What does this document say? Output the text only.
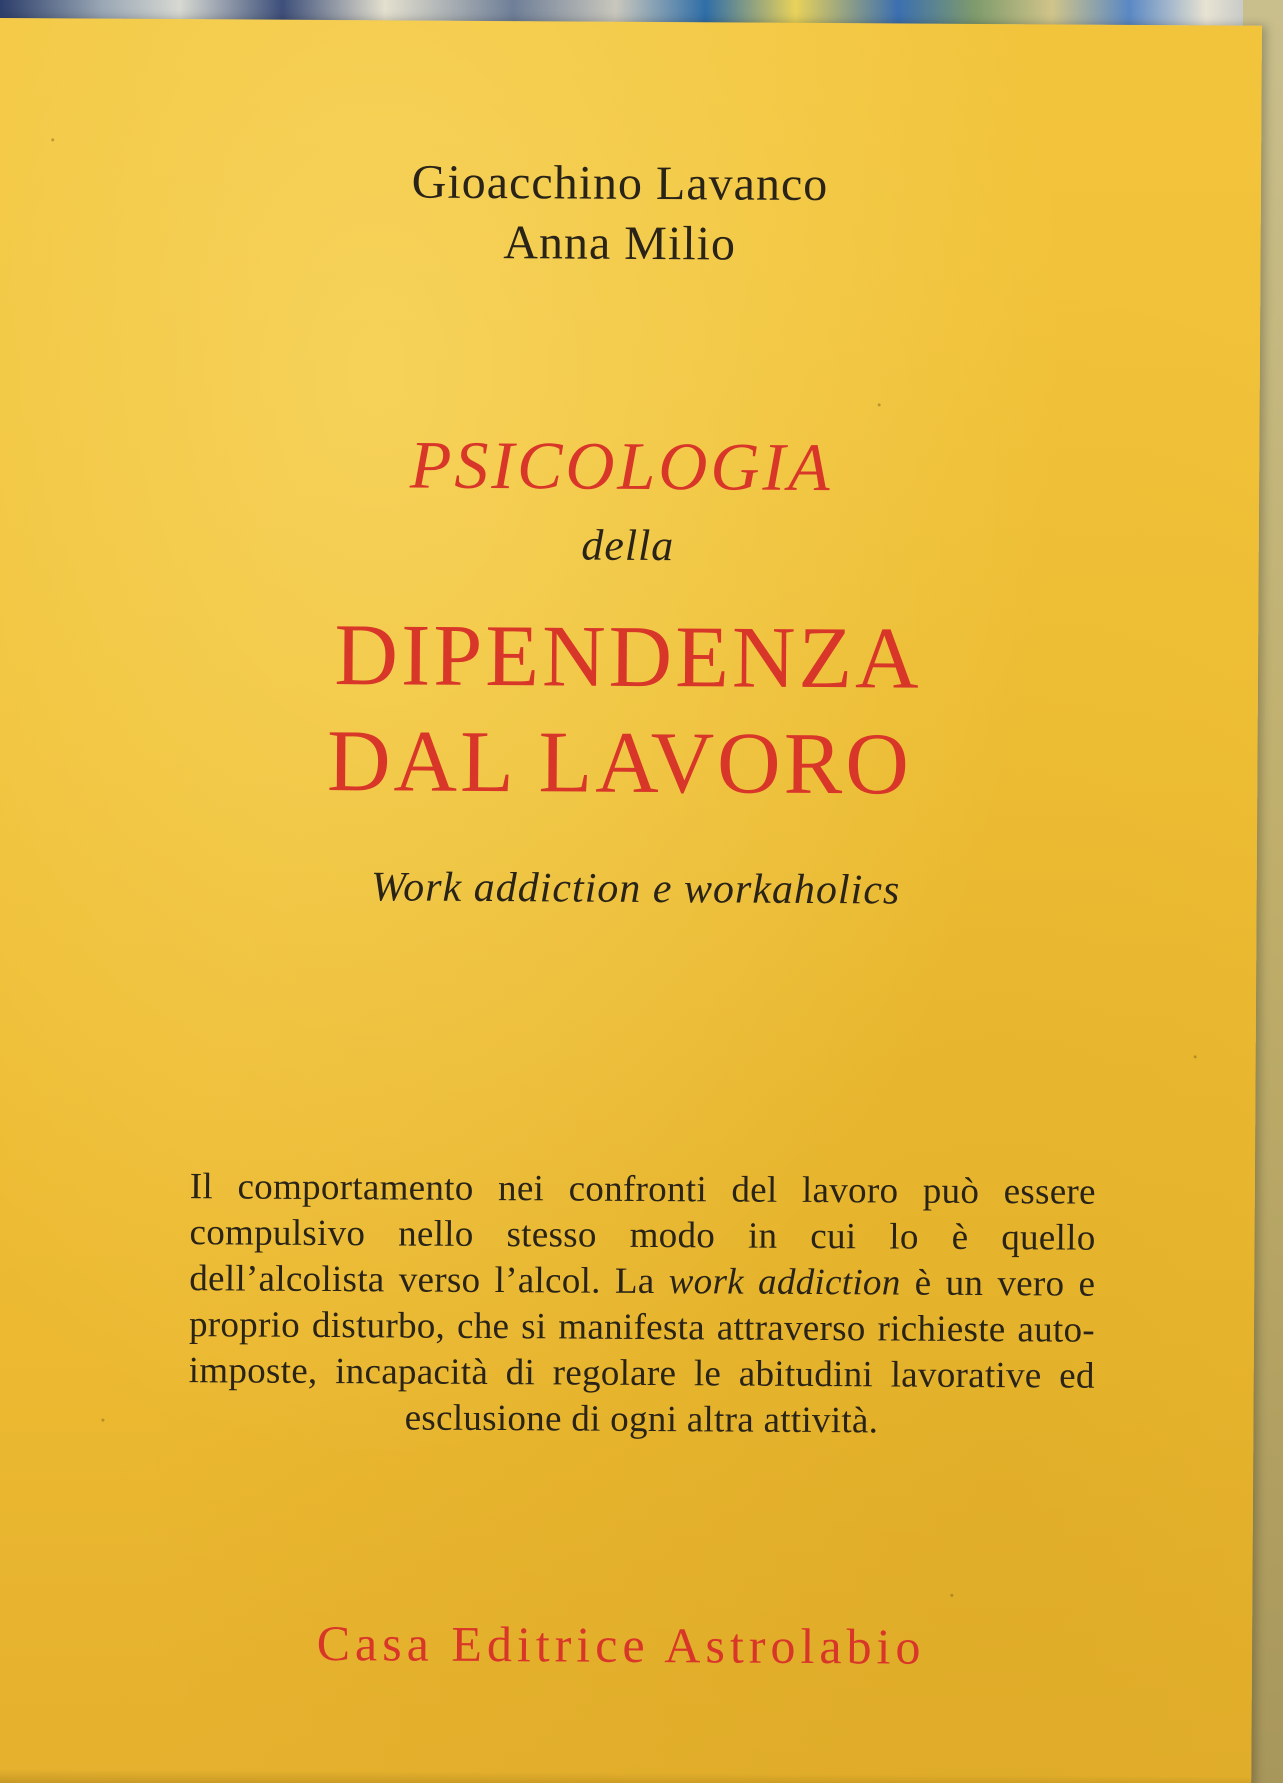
Gioacchino Lavanco
Anna Milio
PSICOLOGIA
della
DIPENDENZA
DAL LAVORO
Work addiction e workaholics
Il comportamento nei confronti del lavoro può essere compulsivo nello stesso modo in cui lo è quello dell’alcolista verso l’alcol. La work addiction è un vero e proprio disturbo, che si manifesta attraverso richieste auto-imposte, incapacità di regolare le abitudini lavorative ed esclusione di ogni altra attività.
Casa Editrice Astrolabio
